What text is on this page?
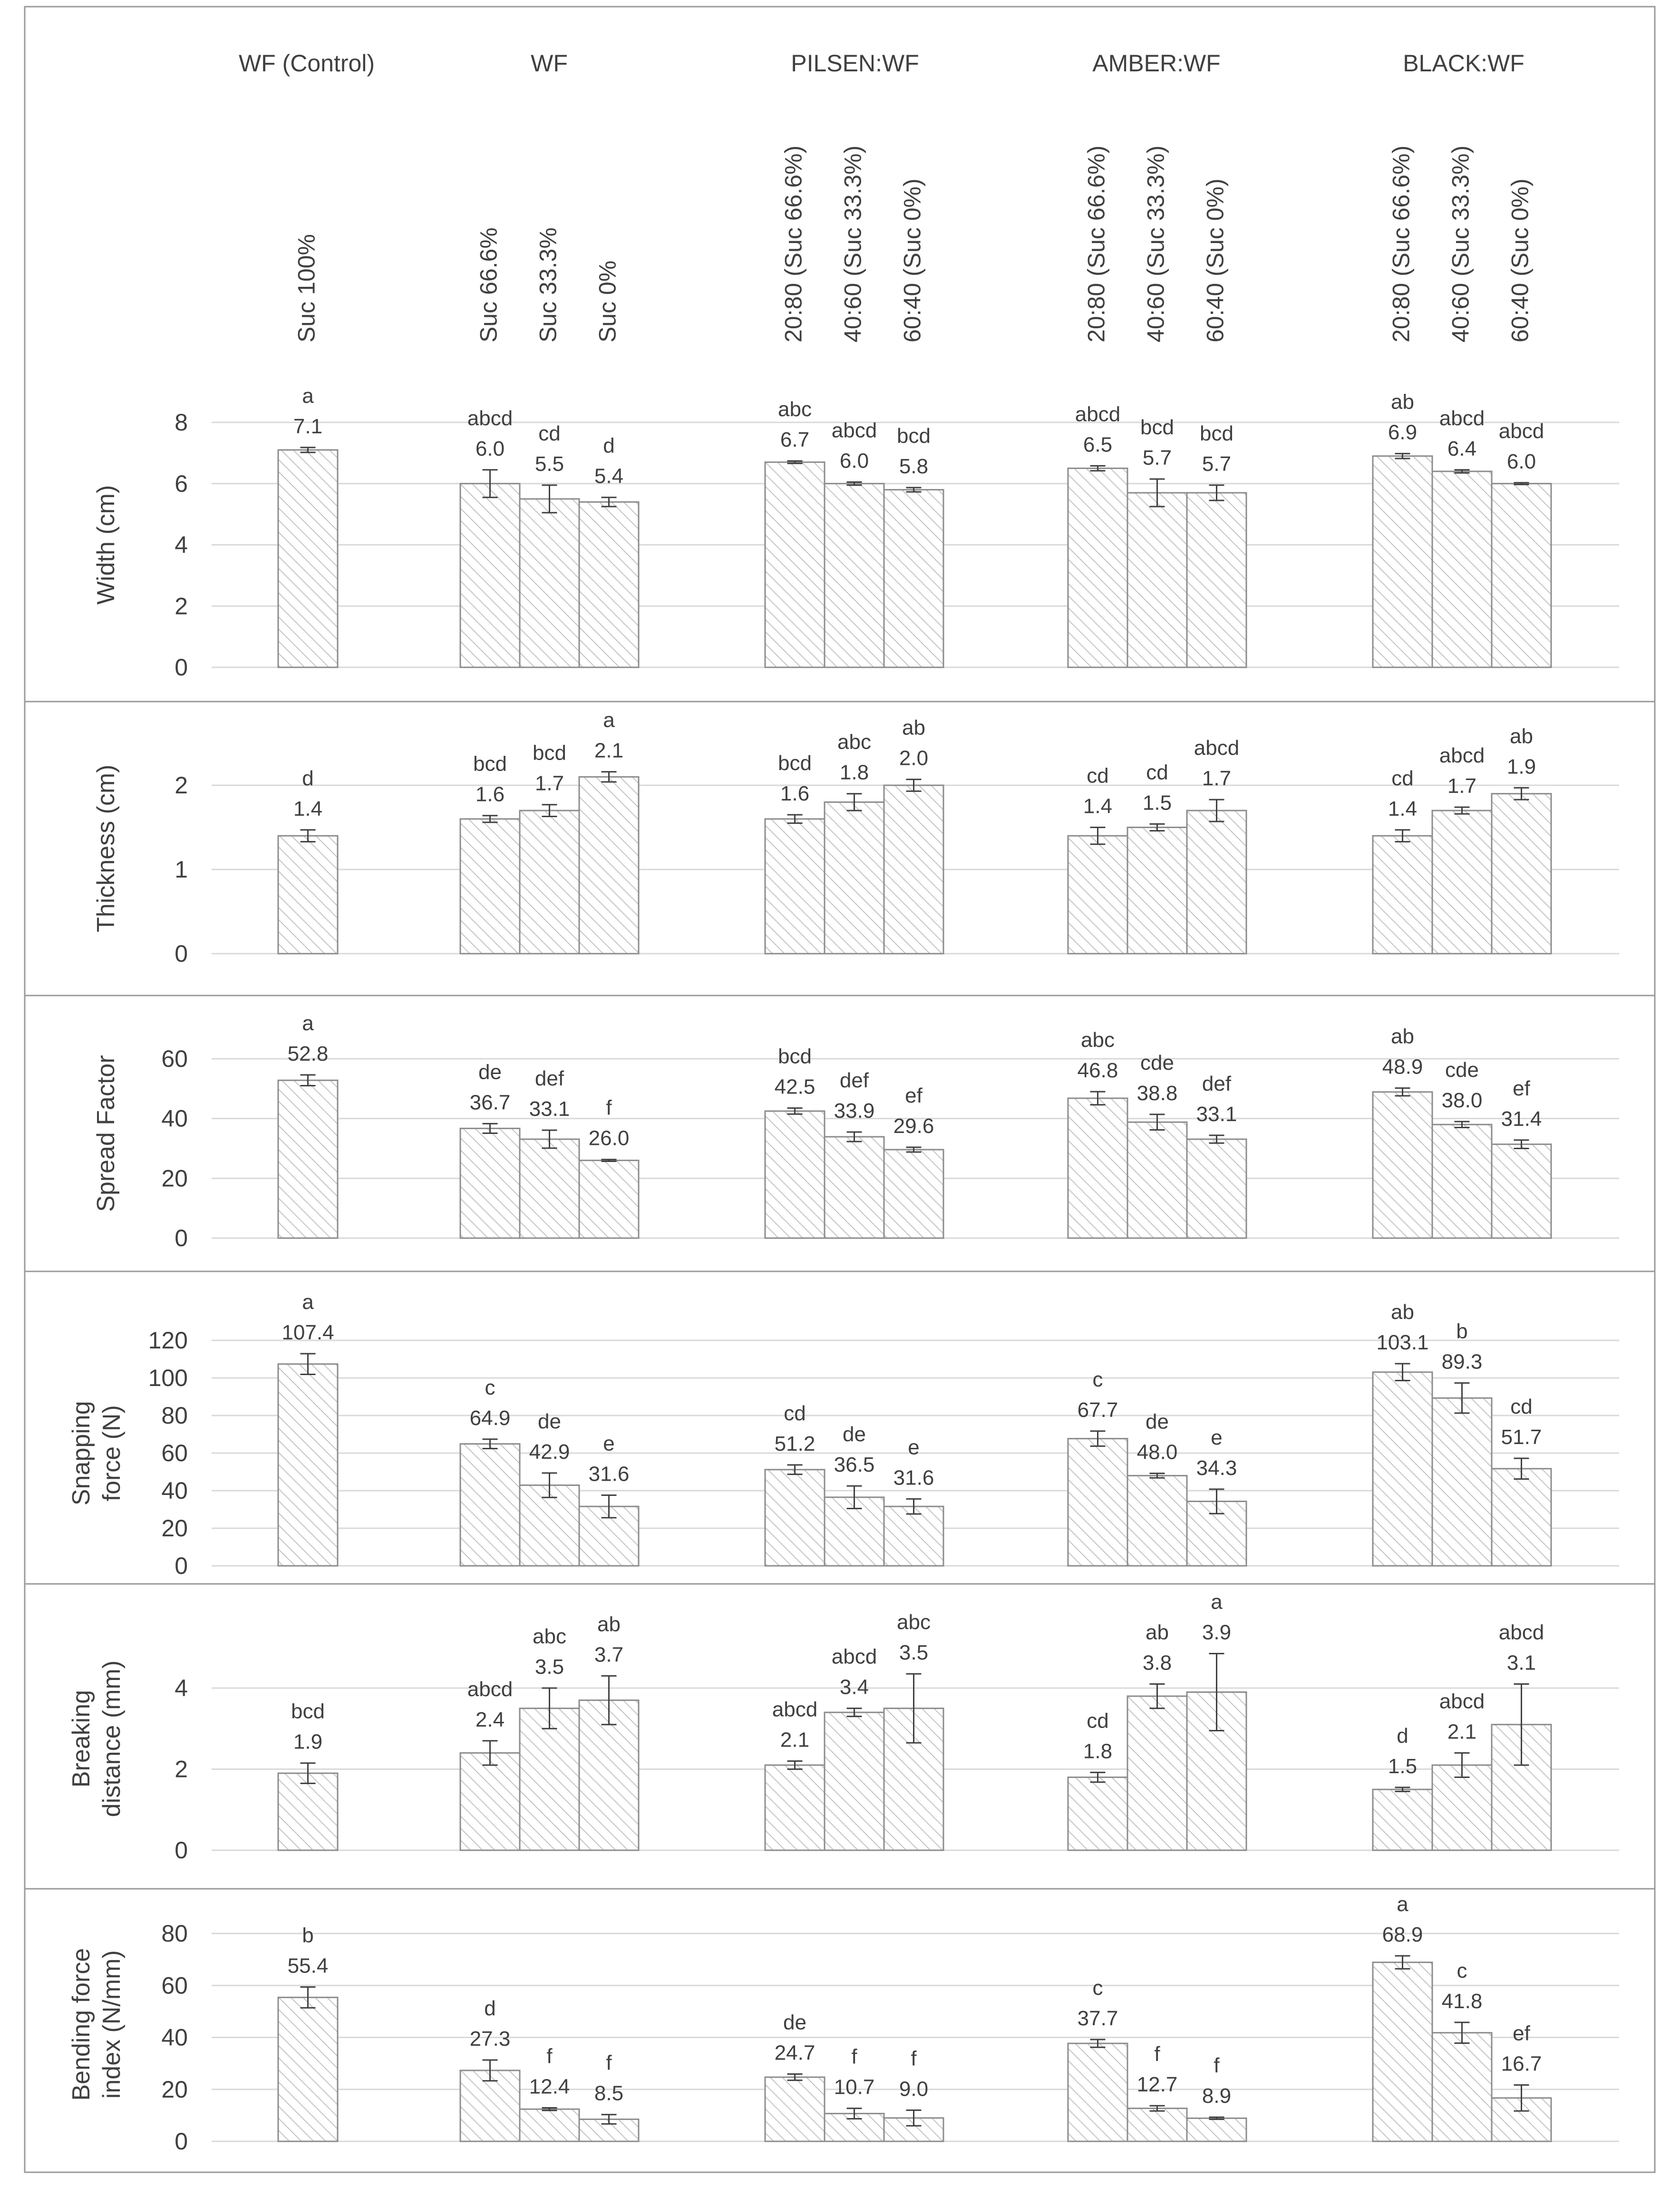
WF (Control)	WF	PILSEN:WF	AMBER:WF	BLACK:WF
Suc 100%	Suc 66.6% Suc 33.3% Suc 0%	20:80 (Suc 66.6%) 40:60 (Suc 33.3%) 60:40 (Suc 0%)	20:80 (Suc 66.6%) 40:60 (Suc 33.3%) 60:40 (Suc 0%)	20:80 (Suc 66.6%) 40:60 (Suc 33.3%) 60:40 (Suc 0%)
0
2
4
6
8
Width (cm)
7.1
a
6.0
abcd
5.5
cd
5.4
d	6.7
abc
6.0
abcd
5.8
bcd	6.5
abcd
5.7
bcd
5.7
bcd	6.9
ab
6.4
abcd
6.0
abcd
0
1
2
Thickness (cm)	1.4
d
1.6
bcd
1.7
bcd 2.1
a
1.6
bcd 1.8
abc
2.0
ab
1.4
cd
1.5
cd 1.7
abcd
1.4
cd 1.7
abcd 1.9
ab
0
20
40
60
Spread Factor
52.8
a
36.7
de
33.1
def
26.0
f
42.5
bcd
33.9
def
29.6
ef
46.8
abc
38.8
cde
33.1
def
48.9
ab
38.0
cde
31.4
ef
0
20
40
60
80
100
120
Snapping force (N)
107.4
a
64.9
c
42.9
de
31.6
e	51.2
cd
36.5
de
31.6
e
67.7
c
48.0
de
34.3
e
103.1
ab
89.3
b
51.7
cd
0
2
4
Breaking distance (mm)	1.9
bcd	2.4
abcd
3.5
abc
3.7
ab
2.1
abcd
3.4
abcd 3.5
abc
1.8
cd
3.8
ab 3.9
a
1.5
d 2.1
abcd
3.1
abcd
0
20
40
60
80
Bending force index (N/mm)	55.4
b
27.3
d
12.4
f
8.5
f	24.7
de
10.7
f
9.0
f
37.7
c
12.7
f
8.9
f
68.9
a
41.8
c
16.7
ef
